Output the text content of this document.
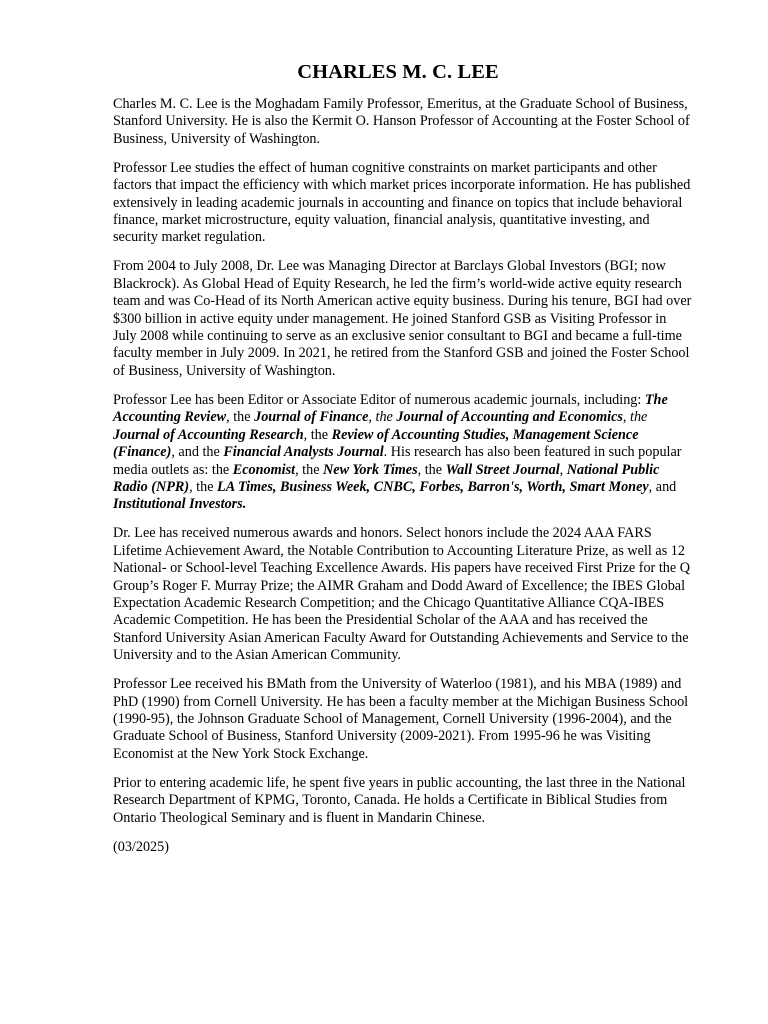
CHARLES M. C. LEE

Charles M. C. Lee is the Moghadam Family Professor, Emeritus, at the Graduate School of Business, Stanford University. He is also the Kermit O. Hanson Professor of Accounting at the Foster School of Business, University of Washington.

Professor Lee studies the effect of human cognitive constraints on market participants and other factors that impact the efficiency with which market prices incorporate information. He has published extensively in leading academic journals in accounting and finance on topics that include behavioral finance, market microstructure, equity valuation, financial analysis, quantitative investing, and security market regulation.

From 2004 to July 2008, Dr. Lee was Managing Director at Barclays Global Investors (BGI; now Blackrock). As Global Head of Equity Research, he led the firm’s world-wide active equity research team and was Co-Head of its North American active equity business. During his tenure, BGI had over $300 billion in active equity under management. He joined Stanford GSB as Visiting Professor in July 2008 while continuing to serve as an exclusive senior consultant to BGI and became a full-time faculty member in July 2009. In 2021, he retired from the Stanford GSB and joined the Foster School of Business, University of Washington.

Professor Lee has been Editor or Associate Editor of numerous academic journals, including: The Accounting Review, the Journal of Finance, the Journal of Accounting and Economics, the Journal of Accounting Research, the Review of Accounting Studies, Management Science (Finance), and the Financial Analysts Journal. His research has also been featured in such popular media outlets as: the Economist, the New York Times, the Wall Street Journal, National Public Radio (NPR), the LA Times, Business Week, CNBC, Forbes, Barron's, Worth, Smart Money, and Institutional Investors.

Dr. Lee has received numerous awards and honors. Select honors include the 2024 AAA FARS Lifetime Achievement Award, the Notable Contribution to Accounting Literature Prize, as well as 12 National- or School-level Teaching Excellence Awards. His papers have received First Prize for the Q Group’s Roger F. Murray Prize; the AIMR Graham and Dodd Award of Excellence; the IBES Global Expectation Academic Research Competition; and the Chicago Quantitative Alliance CQA-IBES Academic Competition. He has been the Presidential Scholar of the AAA and has received the Stanford University Asian American Faculty Award for Outstanding Achievements and Service to the University and to the Asian American Community.

Professor Lee received his BMath from the University of Waterloo (1981), and his MBA (1989) and PhD (1990) from Cornell University. He has been a faculty member at the Michigan Business School (1990-95), the Johnson Graduate School of Management, Cornell University (1996-2004), and the Graduate School of Business, Stanford University (2009-2021). From 1995-96 he was Visiting Economist at the New York Stock Exchange.

Prior to entering academic life, he spent five years in public accounting, the last three in the National Research Department of KPMG, Toronto, Canada. He holds a Certificate in Biblical Studies from Ontario Theological Seminary and is fluent in Mandarin Chinese.

(03/2025)
